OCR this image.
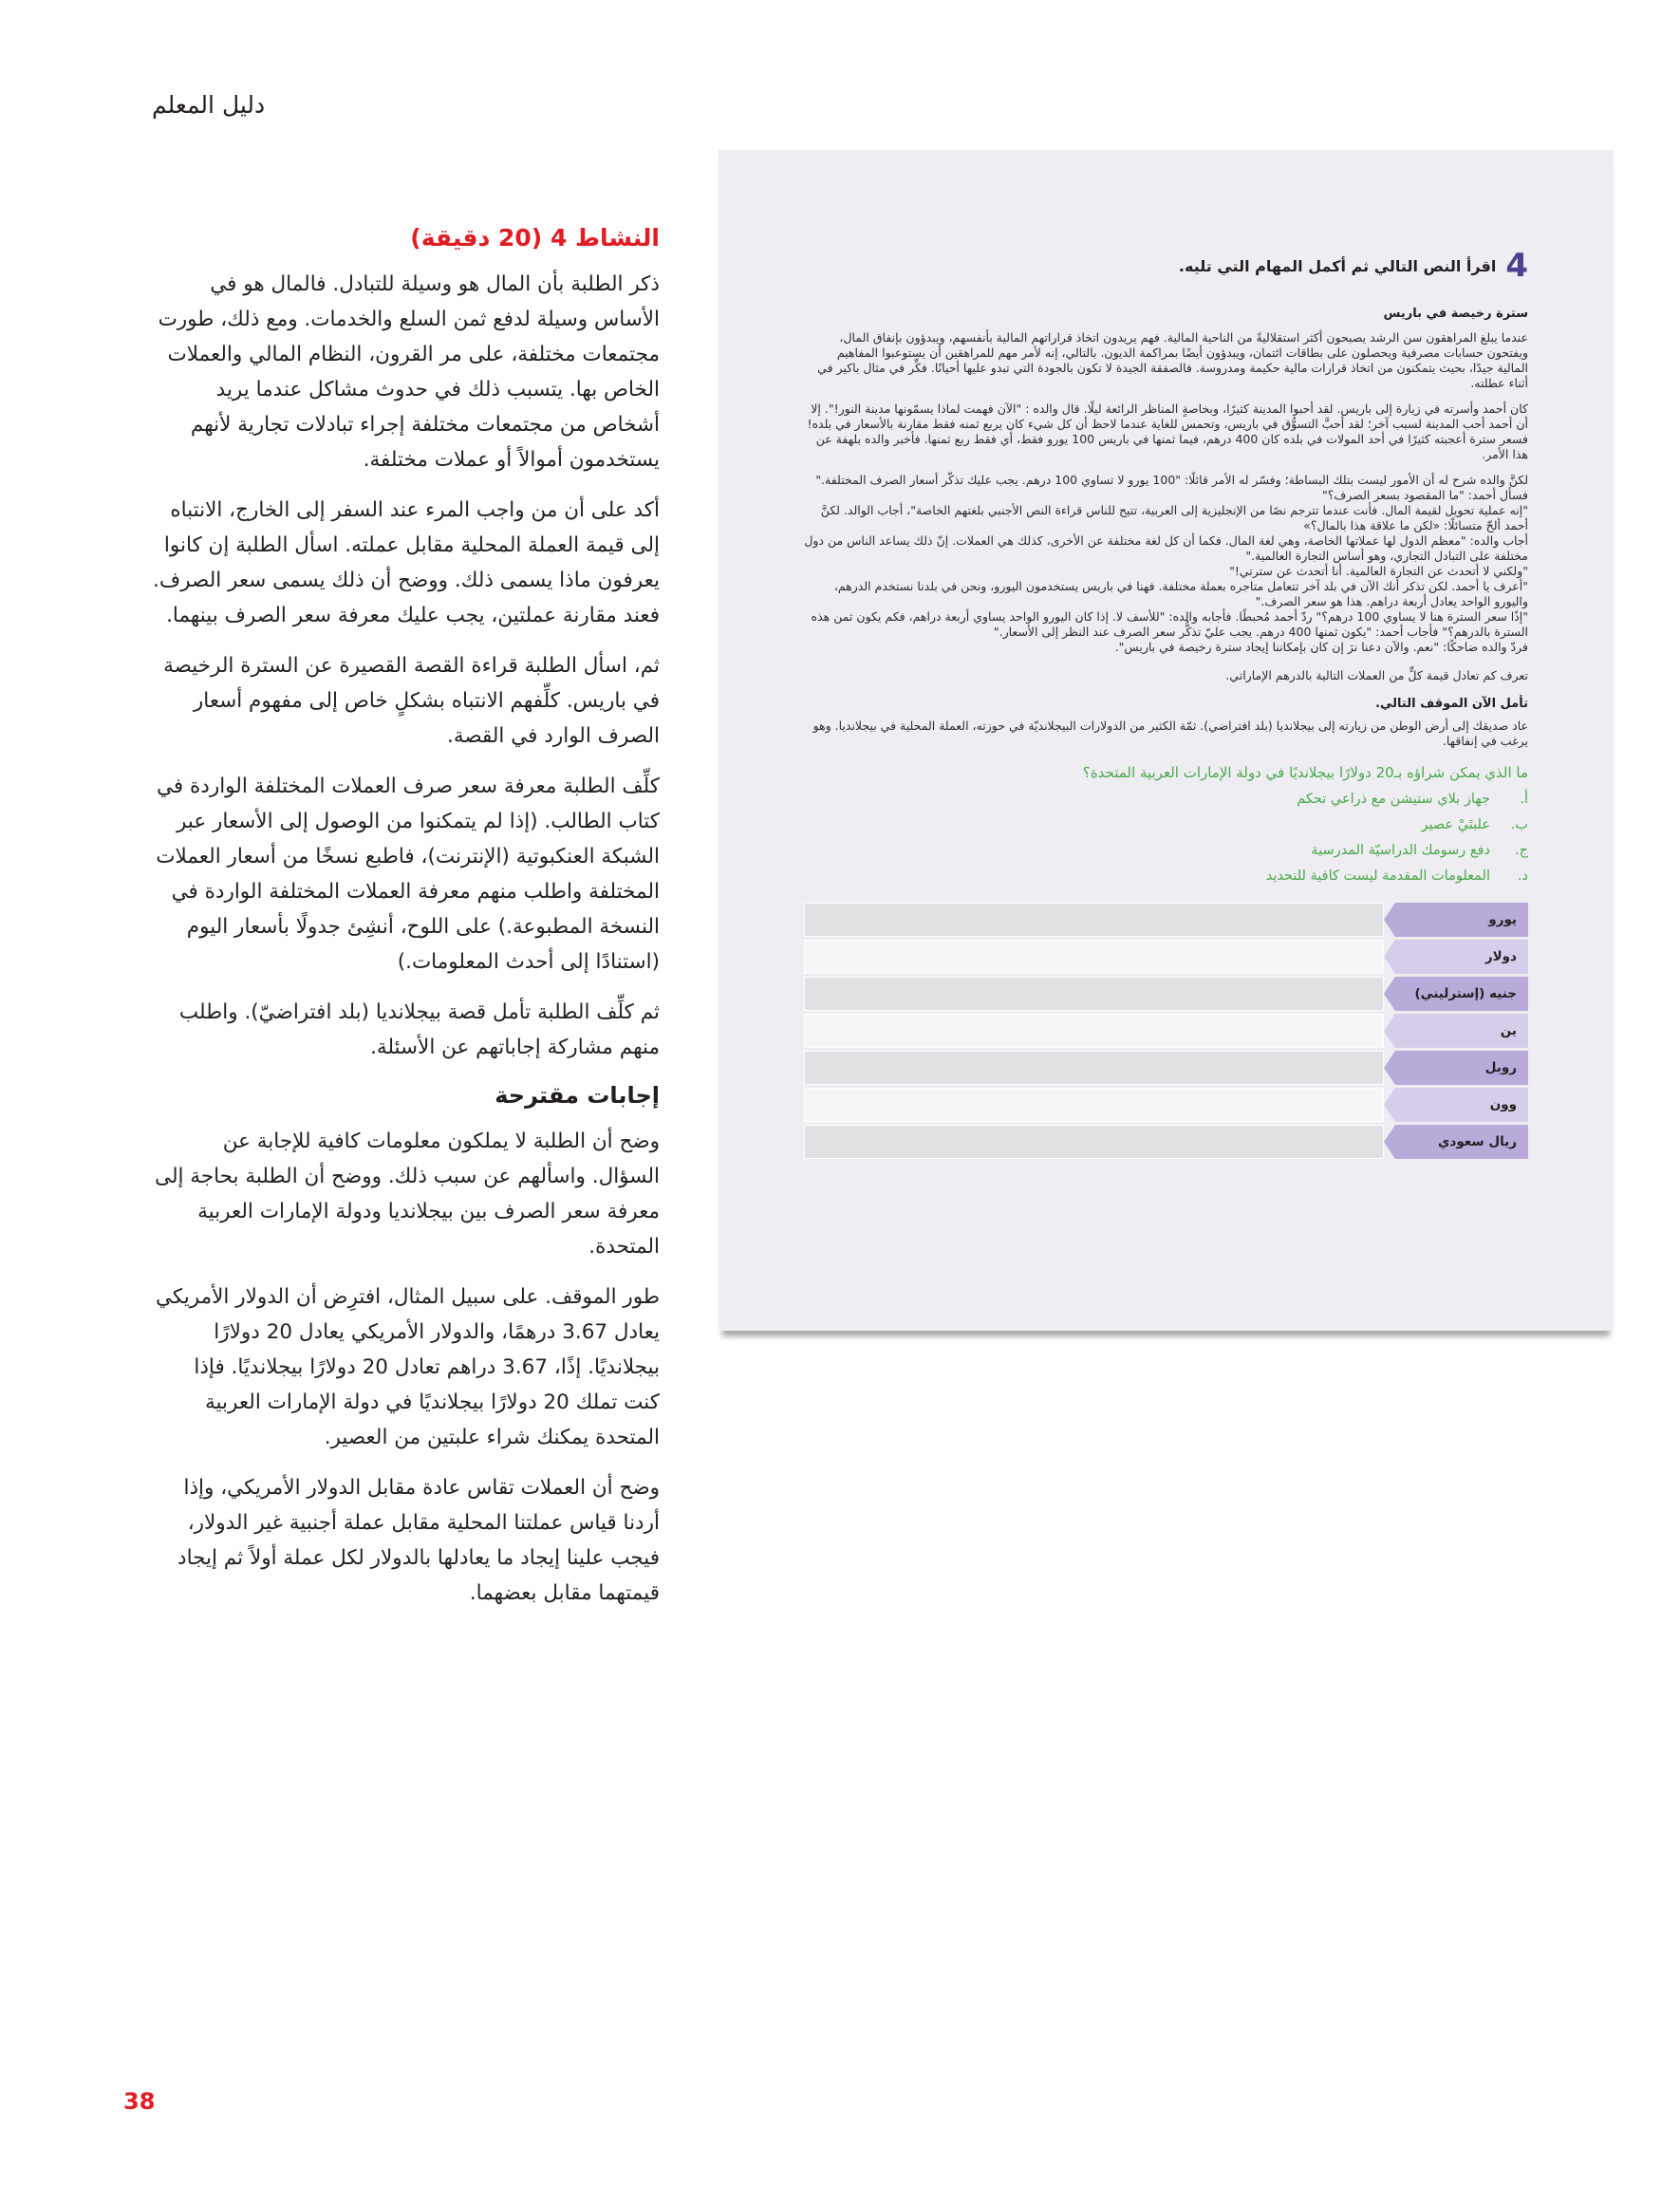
دليل المعلم
النشاط 4 (20 دقيقة)

ذكر الطلبة بأن المال هو وسيلة للتبادل. فالمال هو في الأساس وسيلة لدفع ثمن السلع والخدمات. ومع ذلك، طورت مجتمعات مختلفة، على مر القرون، النظام المالي والعملات الخاص بها. يتسبب ذلك في حدوث مشاكل عندما يريد أشخاص من مجتمعات مختلفة إجراء تبادلات تجارية لأنهم يستخدمون أموالاً أو عملات مختلفة.

أكد على أن من واجب المرء عند السفر إلى الخارج، الانتباه إلى قيمة العملة المحلية مقابل عملته. اسأل الطلبة إن كانوا يعرفون ماذا يسمى ذلك. ووضح أن ذلك يسمى سعر الصرف. فعند مقارنة عملتين، يجب عليك معرفة سعر الصرف بينهما.

ثم، اسأل الطلبة قراءة القصة القصيرة عن السترة الرخيصة في باريس. كلِّفهم الانتباه بشكلٍ خاص إلى مفهوم أسعار الصرف الوارد في القصة.

كلِّف الطلبة معرفة سعر صرف العملات المختلفة الواردة في كتاب الطالب. (إذا لم يتمكنوا من الوصول إلى الأسعار عبر الشبكة العنكبوتية (الإنترنت)، فاطبع نسخًا من أسعار العملات المختلفة واطلب منهم معرفة العملات المختلفة الواردة في النسخة المطبوعة.) على اللوح، أنشِئ جدولًا بأسعار اليوم (استنادًا إلى أحدث المعلومات.)

ثم كلِّف الطلبة تأمل قصة بيجلانديا (بلد افتراضيّ). واطلب منهم مشاركة إجاباتهم عن الأسئلة.

إجابات مقترحة

وضح أن الطلبة لا يملكون معلومات كافية للإجابة عن السؤال. واسألهم عن سبب ذلك. ووضح أن الطلبة بحاجة إلى معرفة سعر الصرف بين بيجلانديا ودولة الإمارات العربية المتحدة.

طور الموقف. على سبيل المثال، افترِض أن الدولار الأمريكي يعادل 3.67 درهمًا، والدولار الأمريكي يعادل 20 دولارًا بيجلانديًا. إذًا، 3.67 دراهم تعادل 20 دولارًا بيجلانديًا. فإذا كنت تملك 20 دولارًا بيجلانديًا في دولة الإمارات العربية المتحدة يمكنك شراء علبتين من العصير.

وضح أن العملات تقاس عادة مقابل الدولار الأمريكي، وإذا أردنا قياس عملتنا المحلية مقابل عملة أجنبية غير الدولار، فيجب علينا إيجاد ما يعادلها بالدولار لكل عملة أولاً ثم إيجاد قيمتهما مقابل بعضهما.

4
اقرأ النص التالي ثم أكمل المهام التي تليه.
سترة رخيصة في باريس

عندما يبلغ المراهقون سن الرشد يصبحون أكثر استقلاليةً من الناحية المالية. فهم يريدون اتخاذ قراراتهم المالية بأنفسهم، ويبدؤون بإنفاق المال، ويفتحون حسابات مصرفية ويحصلون على بطاقات ائتمان، ويبدؤون أيضًا بمراكمة الديون. بالتالي، إنه لأمر مهم للمراهقين أن يستوعبوا المفاهيم المالية جيدًا، بحيث يتمكنون من اتخاذ قرارات مالية حكيمة ومدروسة. فالصفقة الجيدة لا تكون بالجودة التي تبدو عليها أحيانًا. فكِّر في مثال باكير في أثناء عطلته.

كان أحمد وأسرته في زيارة إلى باريس. لقد أحبوا المدينة كثيرًا، وبخاصةٍ المناظر الرائعة ليلًا. قال والده : "الآن فهمت لماذا يسمّونها مدينة النور!". إلا أن أحمد أحب المدينة لسبب آخر؛ لقد أحبَّ التسوُّق في باريس، وتحمس للغاية عندما لاحظ أن كل شيء كان يربع ثمنه فقط مقارنة بالأسعار في بلده! فسعر سترة أعجبته كثيرًا في أحد المولات في بلده كان 400 درهم، فيما ثمنها في باريس 100 يورو فقط، أي فقط ربع ثمنها. فأخبر والده بلهفة عن هذا الأمر.

لكنَّ والده شرح له أن الأمور ليست بتلك البساطة؛ وفسّر له الأمر قائلًا: "100 يورو لا تساوي 100 درهم. يجب عليك تذكّر أسعار الصرف المختلفة." فسأل أحمد: "ما المقصود بسعر الصرف؟"
"إنه عملية تحويل لقيمة المال. فأنت عندما تترجم نصًا من الإنجليزية إلى العربية، تتيح للناس قراءة النص الأجنبي بلغتهم الخاصة"، أجاب الوالد. لكنَّ أحمد ألحّ متسائلًا: «لكن ما علاقة هذا بالمال؟»
أجاب والده: "معظم الدول لها عملاتها الخاصة، وهي لغة المال. فكما أن كل لغة مختلفة عن الأخرى، كذلك هي العملات. إنّ ذلك يساعد الناس من دول مختلفة على التبادل التجاري، وهو أساس التجارة العالمية."
"ولكني لا أتحدث عن التجارة العالمية. أنا أتحدث عن سترتي!"
"أعرف يا أحمد. لكن تذكر أنك الآن في بلد آخر تتعامل متاجره بعملة مختلفة. فهنا في باريس يستخدمون اليورو، ونحن في بلدنا نستخدم الدرهم، واليورو الواحد يعادل أربعة دراهم. هذا هو سعر الصرف."
"إذًا سعر السترة هنا لا يساوي 100 درهم؟" ردّ أحمد مُحبطًا. فأجابه والده: "للأسف لا. إذا كان اليورو الواحد يساوي أربعة دراهم، فكم يكون ثمن هذه السترة بالدرهم؟" فأجاب أحمد: "يكون ثمنها 400 درهم. يجب عليّ تذكُّر سعر الصرف عند النظر إلى الأسعار."
فردّ والده ضاحكًا: "نعم. والآن دعنا نرَ إن كان بإمكاننا إيجاد سترة رخيصة في باريس".

تعرف كم تعادل قيمة كلٍّ من العملات التالية بالدرهم الإماراتي.

تأمل الآن الموقف التالي.

عاد صديقك إلى أرض الوطن من زيارته إلى بيجلانديا (بلد افتراضي). ثمّة الكثير من الدولارات البيجلانديّة في حوزته، العملة المحلية في بيجلانديا. وهو يرغب في إنفاقها.

ما الذي يمكن شراؤه بـ20 دولارًا بيجلانديًا في دولة الإمارات العربية المتحدة؟
أ.
جهاز بلاي ستيشن مع ذراعي تحكم
ب.
علبتَيْ عصير
ج.
دفع رسومك الدراسيّة المدرسية
د.
المعلومات المقدمة ليست كافية للتحديد
يورو
دولار
جنيه (إسترليني)
ين
روبل
وون
ريال سعودي
38
